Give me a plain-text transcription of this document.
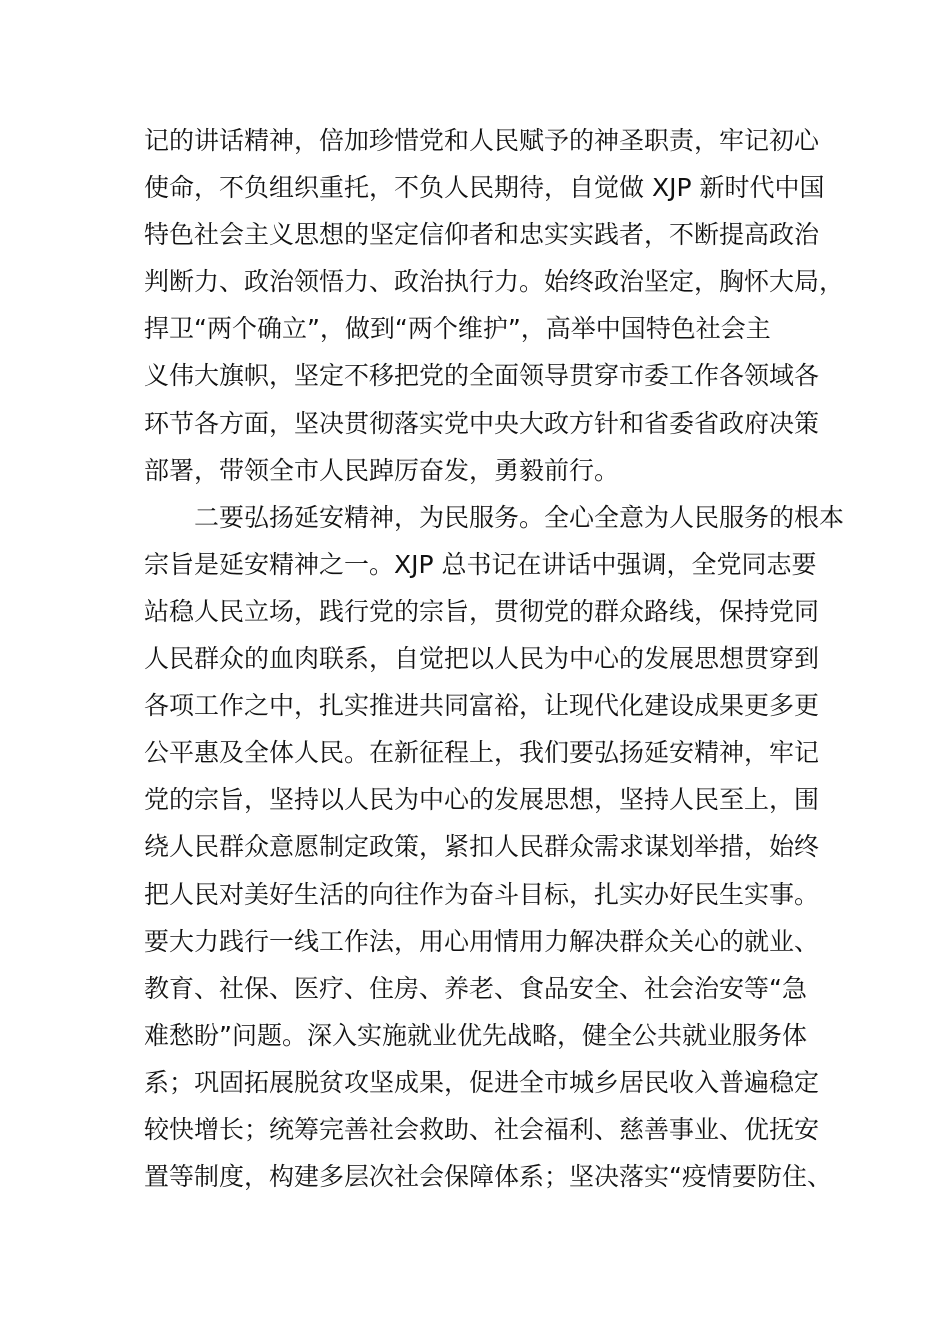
记的讲话精神，倍加珍惜党和人民赋予的神圣职责，牢记初心
使命，不负组织重托，不负人民期待，自觉做 XJP 新时代中国
特色社会主义思想的坚定信仰者和忠实实践者，不断提高政治
判断力、政治领悟力、政治执行力。始终政治坚定，胸怀大局，
捍卫“两个确立”，做到“两个维护”，高举中国特色社会主
义伟大旗帜，坚定不移把党的全面领导贯穿市委工作各领域各
环节各方面，坚决贯彻落实党中央大政方针和省委省政府决策
部署，带领全市人民踔厉奋发，勇毅前行。
　　二要弘扬延安精神，为民服务。全心全意为人民服务的根本
宗旨是延安精神之一。XJP 总书记在讲话中强调，全党同志要
站稳人民立场，践行党的宗旨，贯彻党的群众路线，保持党同
人民群众的血肉联系，自觉把以人民为中心的发展思想贯穿到
各项工作之中，扎实推进共同富裕，让现代化建设成果更多更
公平惠及全体人民。在新征程上，我们要弘扬延安精神，牢记
党的宗旨，坚持以人民为中心的发展思想，坚持人民至上，围
绕人民群众意愿制定政策，紧扣人民群众需求谋划举措，始终
把人民对美好生活的向往作为奋斗目标，扎实办好民生实事。
要大力践行一线工作法，用心用情用力解决群众关心的就业、
教育、社保、医疗、住房、养老、食品安全、社会治安等“急
难愁盼”问题。深入实施就业优先战略，健全公共就业服务体
系；巩固拓展脱贫攻坚成果，促进全市城乡居民收入普遍稳定
较快增长；统筹完善社会救助、社会福利、慈善事业、优抚安
置等制度，构建多层次社会保障体系；坚决落实“疫情要防住、
